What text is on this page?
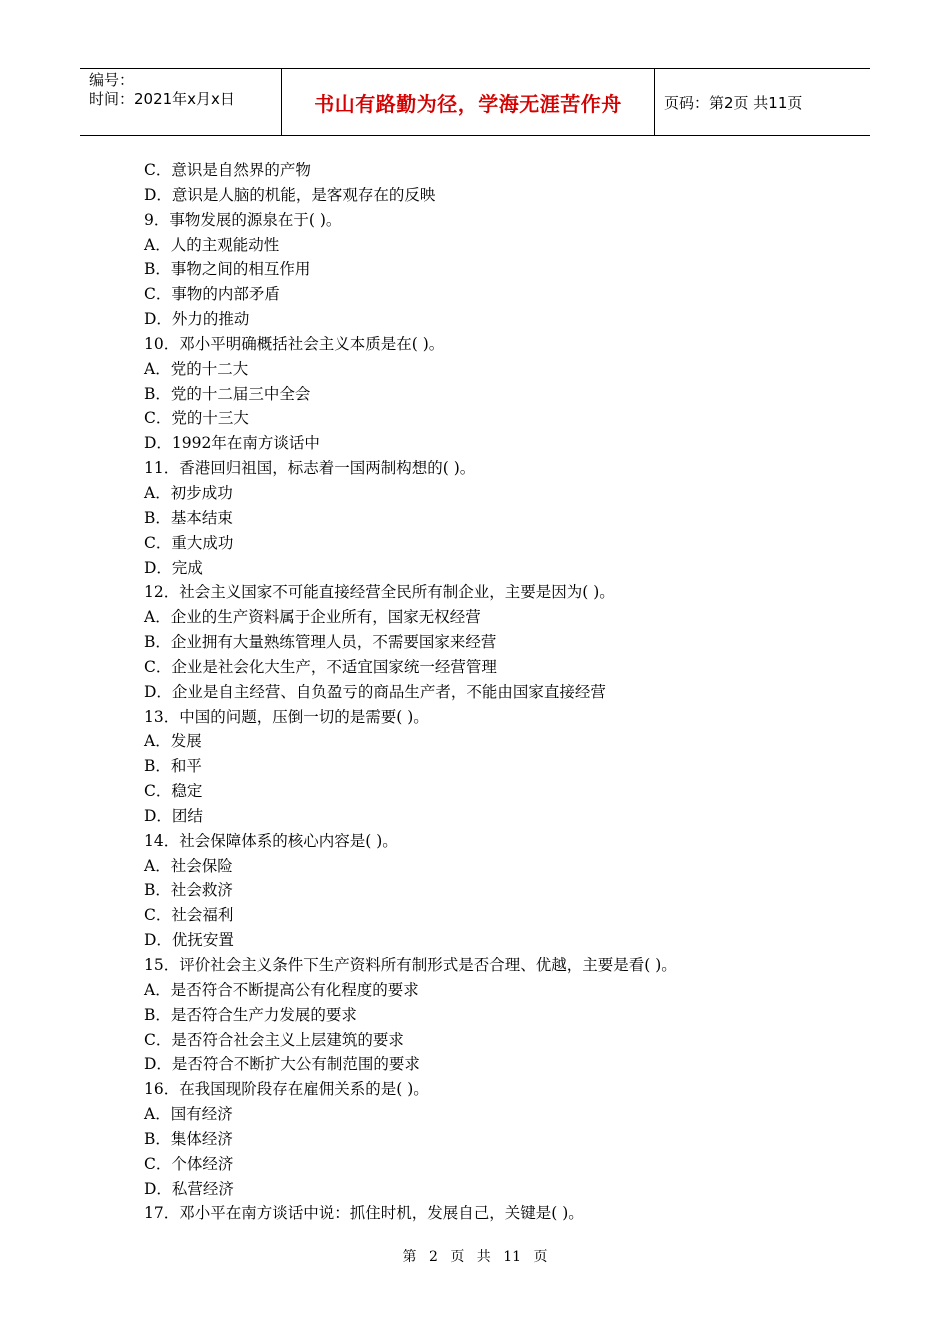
编号：
时间：2021年x月x日	书山有路勤为径，学海无涯苦作舟	页码：第2页 共11页
C．意识是自然界的产物
D．意识是人脑的机能，是客观存在的反映
9．事物发展的源泉在于( )。
A．人的主观能动性
B．事物之间的相互作用
C．事物的内部矛盾
D．外力的推动
10．邓小平明确概括社会主义本质是在( )。
A．党的十二大
B．党的十二届三中全会
C．党的十三大
D．1992年在南方谈话中
11．香港回归祖国，标志着一国两制构想的( )。
A．初步成功
B．基本结束
C．重大成功
D．完成
12．社会主义国家不可能直接经营全民所有制企业，主要是因为( )。
A．企业的生产资料属于企业所有，国家无权经营
B．企业拥有大量熟练管理人员，不需要国家来经营
C．企业是社会化大生产，不适宜国家统一经营管理
D．企业是自主经营、自负盈亏的商品生产者，不能由国家直接经营
13．中国的问题，压倒一切的是需要( )。
A．发展
B．和平
C．稳定
D．团结
14．社会保障体系的核心内容是( )。
A．社会保险
B．社会救济
C．社会福利
D．优抚安置
15．评价社会主义条件下生产资料所有制形式是否合理、优越，主要是看( )。
A．是否符合不断提高公有化程度的要求
B．是否符合生产力发展的要求
C．是否符合社会主义上层建筑的要求
D．是否符合不断扩大公有制范围的要求
16．在我国现阶段存在雇佣关系的是( )。
A．国有经济
B．集体经济
C．个体经济
D．私营经济
17．邓小平在南方谈话中说：抓住时机，发展自己，关键是( )。
第 2 页 共 11 页
